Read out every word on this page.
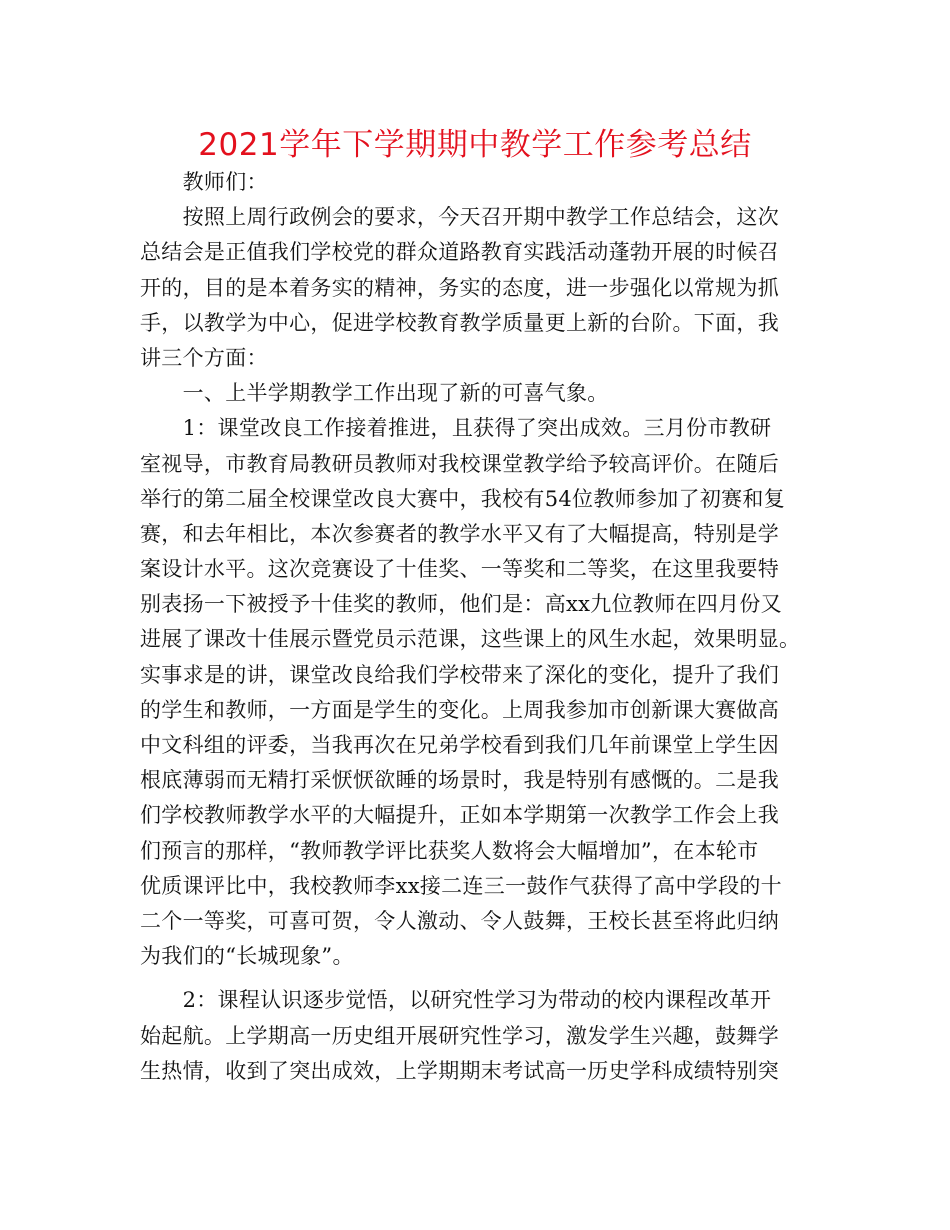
2021学年下学期期中教学工作参考总结
　　教师们：
　　按照上周行政例会的要求，今天召开期中教学工作总结会，这次
总结会是正值我们学校党的群众道路教育实践活动蓬勃开展的时候召
开的，目的是本着务实的精神，务实的态度，进一步强化以常规为抓
手，以教学为中心，促进学校教育教学质量更上新的台阶。下面，我
讲三个方面：
　　一、上半学期教学工作出现了新的可喜气象。
　　1：课堂改良工作接着推进，且获得了突出成效。三月份市教研
室视导，市教育局教研员教师对我校课堂教学给予较高评价。在随后
举行的第二届全校课堂改良大赛中，我校有54位教师参加了初赛和复
赛，和去年相比，本次参赛者的教学水平又有了大幅提高，特别是学
案设计水平。这次竞赛设了十佳奖、一等奖和二等奖，在这里我要特
别表扬一下被授予十佳奖的教师，他们是：高xx九位教师在四月份又
进展了课改十佳展示暨党员示范课，这些课上的风生水起，效果明显。
实事求是的讲，课堂改良给我们学校带来了深化的变化，提升了我们
的学生和教师，一方面是学生的变化。上周我参加市创新课大赛做高
中文科组的评委，当我再次在兄弟学校看到我们几年前课堂上学生因
根底薄弱而无精打采恹恹欲睡的场景时，我是特别有感慨的。二是我
们学校教师教学水平的大幅提升，正如本学期第一次教学工作会上我
们预言的那样，“教师教学评比获奖人数将会大幅增加”，在本轮市
优质课评比中，我校教师李xx接二连三一鼓作气获得了高中学段的十
二个一等奖，可喜可贺，令人激动、令人鼓舞，王校长甚至将此归纳
为我们的“长城现象”。
　　2：课程认识逐步觉悟，以研究性学习为带动的校内课程改革开
始起航。上学期高一历史组开展研究性学习，激发学生兴趣，鼓舞学
生热情，收到了突出成效，上学期期末考试高一历史学科成绩特别突
